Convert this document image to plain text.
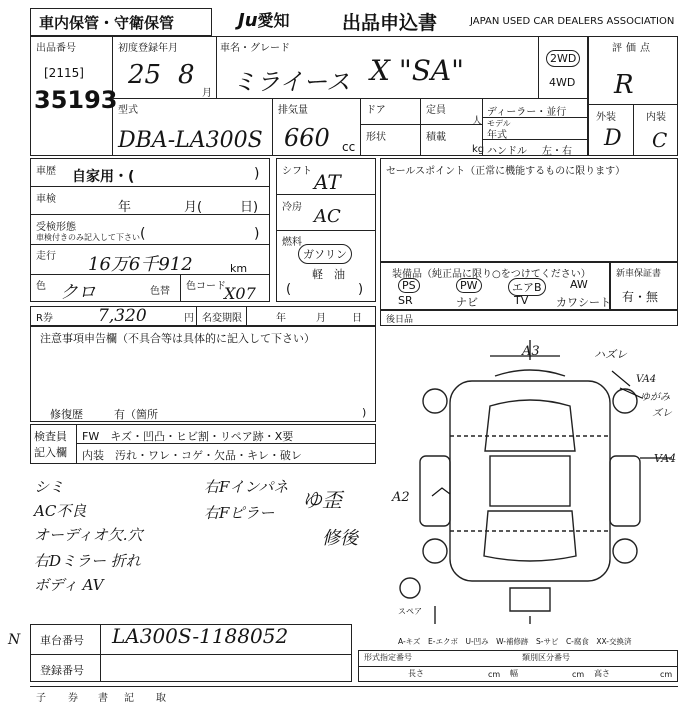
車内保管・守衛保管	Ju愛知	出品申込書	JAPAN USED CAR DEALERS ASSOCIATION
出品番号
[2115]
35193
初度登録年月
25 8
月
車名・グレード
ミライース X "SA"	2WD
4WD
評価点
R
外装	内装
D C
型式
DBA-LA300S
排気量
660 cc
ドア
形状
定員
人
積載
kg
ディーラー・並行
モデル
年式
ハンドル 左・右
車歴 自家用・(	)
車検
年	月(	日)
受検形態
車検付きのみ記入して下さい (	)
走行 16万6千912	km
色 クロ	色替 色コード
X07
シフト AT
冷房 AC
燃料
ガソリン
軽　油
(	)
セールスポイント（正常に機能するものに限ります）
装備品（純正品に限り○をつけてください）
PS	PW	エアB	AW
SR	ナビ	TV	カワシート
新車保証書
有・無
R券	7,320	円 名変期限	年	月	日	後日品
注意事項申告欄（不具合等は具体的に記入して下さい）
修復歴	有（箇所	)
検査員
記入欄
FW　キズ・凹凸・ヒビ割・リペア跡・X要
内装　汚れ・ワレ・コゲ・欠品・キレ・破レ
シミ
AC不良
オーディオ欠.穴
右Dミラー 折れ
ボディ AV
右Fインパネ
右Fピラー
ゆ歪
修後
A3	ハズレ
VA4
ゆがみ
ズレ
VA4
A2
スペア
A-キズ　E-エクボ　U-凹み　W-補修跡　S-サビ　C-腐食　XX-交換済
N 車台番号 LA300S-1188052
登録番号
形式指定番号	類別区分番号
長さ	cm 幅	cm 高さ	cm
子 券 書 記 取
